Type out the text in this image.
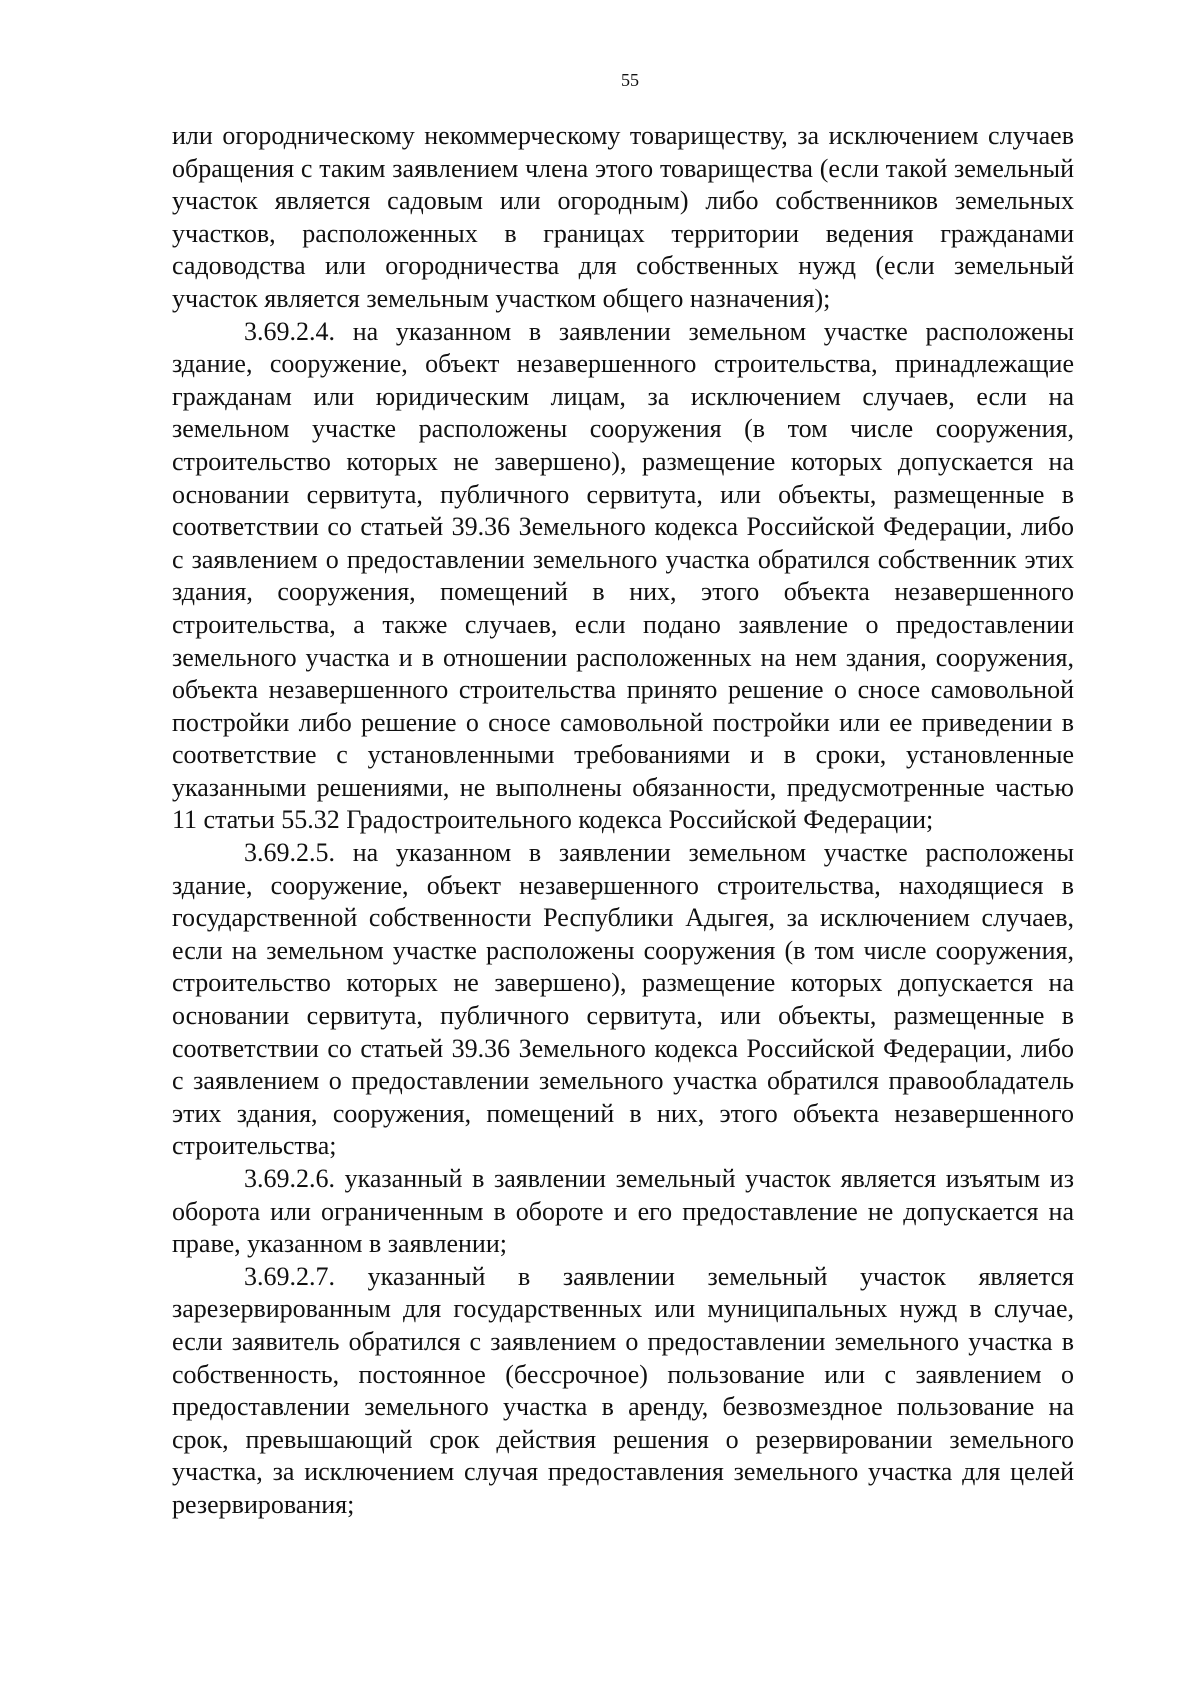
55

или огородническому некоммерческому товариществу, за исключением случаев обращения с таким заявлением члена этого товарищества (если такой земельный участок является садовым или огородным) либо собственников земельных участков, расположенных в границах территории ведения гражданами садоводства или огородничества для собственных нужд (если земельный участок является земельным участком общего назначения);

3.69.2.4. на указанном в заявлении земельном участке расположены здание, сооружение, объект незавершенного строительства, принадлежащие гражданам или юридическим лицам, за исключением случаев, если на земельном участке расположены сооружения (в том числе сооружения, строительство которых не завершено), размещение которых допускается на основании сервитута, публичного сервитута, или объекты, размещенные в соответствии со статьей 39.36 Земельного кодекса Российской Федерации, либо с заявлением о предоставлении земельного участка обратился собственник этих здания, сооружения, помещений в них, этого объекта незавершенного строительства, а также случаев, если подано заявление о предоставлении земельного участка и в отношении расположенных на нем здания, сооружения, объекта незавершенного строительства принято решение о сносе самовольной постройки либо решение о сносе самовольной постройки или ее приведении в соответствие с установленными требованиями и в сроки, установленные указанными решениями, не выполнены обязанности, предусмотренные частью 11 статьи 55.32 Градостроительного кодекса Российской Федерации;

3.69.2.5. на указанном в заявлении земельном участке расположены здание, сооружение, объект незавершенного строительства, находящиеся в государственной собственности Республики Адыгея, за исключением случаев, если на земельном участке расположены сооружения (в том числе сооружения, строительство которых не завершено), размещение которых допускается на основании сервитута, публичного сервитута, или объекты, размещенные в соответствии со статьей 39.36 Земельного кодекса Российской Федерации, либо с заявлением о предоставлении земельного участка обратился правообладатель этих здания, сооружения, помещений в них, этого объекта незавершенного строительства;

3.69.2.6. указанный в заявлении земельный участок является изъятым из оборота или ограниченным в обороте и его предоставление не допускается на праве, указанном в заявлении;

3.69.2.7. указанный в заявлении земельный участок является зарезервированным для государственных или муниципальных нужд в случае, если заявитель обратился с заявлением о предоставлении земельного участка в собственность, постоянное (бессрочное) пользование или с заявлением о предоставлении земельного участка в аренду, безвозмездное пользование на срок, превышающий срок действия решения о резервировании земельного участка, за исключением случая предоставления земельного участка для целей резервирования;
